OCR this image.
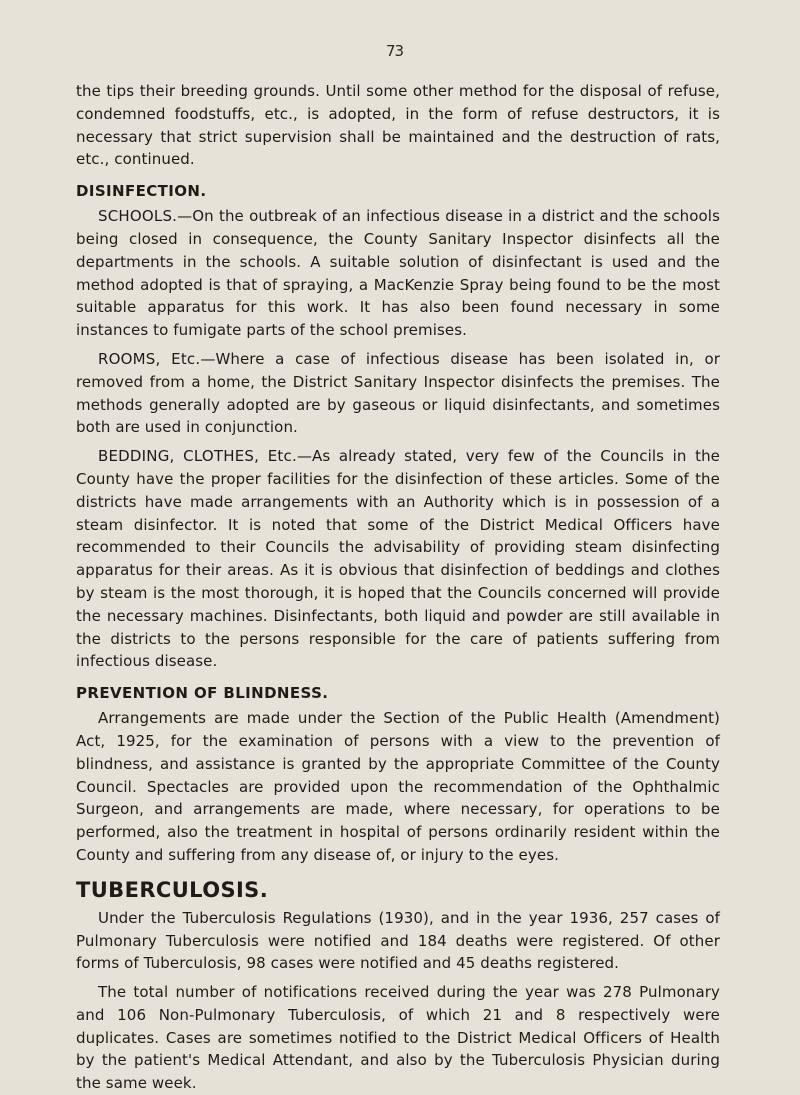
73

the tips their breeding grounds. Until some other method for the disposal of refuse, condemned foodstuffs, etc., is adopted, in the form of refuse destructors, it is necessary that strict supervision shall be maintained and the destruction of rats, etc., continued.

DISINFECTION.

SCHOOLS.—On the outbreak of an infectious disease in a district and the schools being closed in consequence, the County Sanitary Inspector disinfects all the departments in the schools. A suitable solution of disinfectant is used and the method adopted is that of spraying, a MacKenzie Spray being found to be the most suitable apparatus for this work. It has also been found necessary in some instances to fumigate parts of the school premises.

ROOMS, Etc.—Where a case of infectious disease has been isolated in, or removed from a home, the District Sanitary Inspector disinfects the premises. The methods generally adopted are by gaseous or liquid disinfectants, and sometimes both are used in conjunction.

BEDDING, CLOTHES, Etc.—As already stated, very few of the Councils in the County have the proper facilities for the disinfection of these articles. Some of the districts have made arrangements with an Authority which is in possession of a steam disinfector. It is noted that some of the District Medical Officers have recommended to their Councils the advisability of providing steam disinfecting apparatus for their areas. As it is obvious that disinfection of beddings and clothes by steam is the most thorough, it is hoped that the Councils concerned will provide the necessary machines. Disinfectants, both liquid and powder are still available in the districts to the persons responsible for the care of patients suffering from infectious disease.

PREVENTION OF BLINDNESS.

Arrangements are made under the Section of the Public Health (Amendment) Act, 1925, for the examination of persons with a view to the prevention of blindness, and assistance is granted by the appropriate Committee of the County Council. Spectacles are provided upon the recommendation of the Ophthalmic Surgeon, and arrangements are made, where necessary, for operations to be performed, also the treatment in hospital of persons ordinarily resident within the County and suffering from any disease of, or injury to the eyes.

TUBERCULOSIS.

Under the Tuberculosis Regulations (1930), and in the year 1936, 257 cases of Pulmonary Tuberculosis were notified and 184 deaths were registered. Of other forms of Tuberculosis, 98 cases were notified and 45 deaths registered.

The total number of notifications received during the year was 278 Pulmonary and 106 Non-Pulmonary Tuberculosis, of which 21 and 8 respectively were duplicates. Cases are sometimes notified to the District Medical Officers of Health by the patient's Medical Attendant, and also by the Tuberculosis Physician during the same week.
